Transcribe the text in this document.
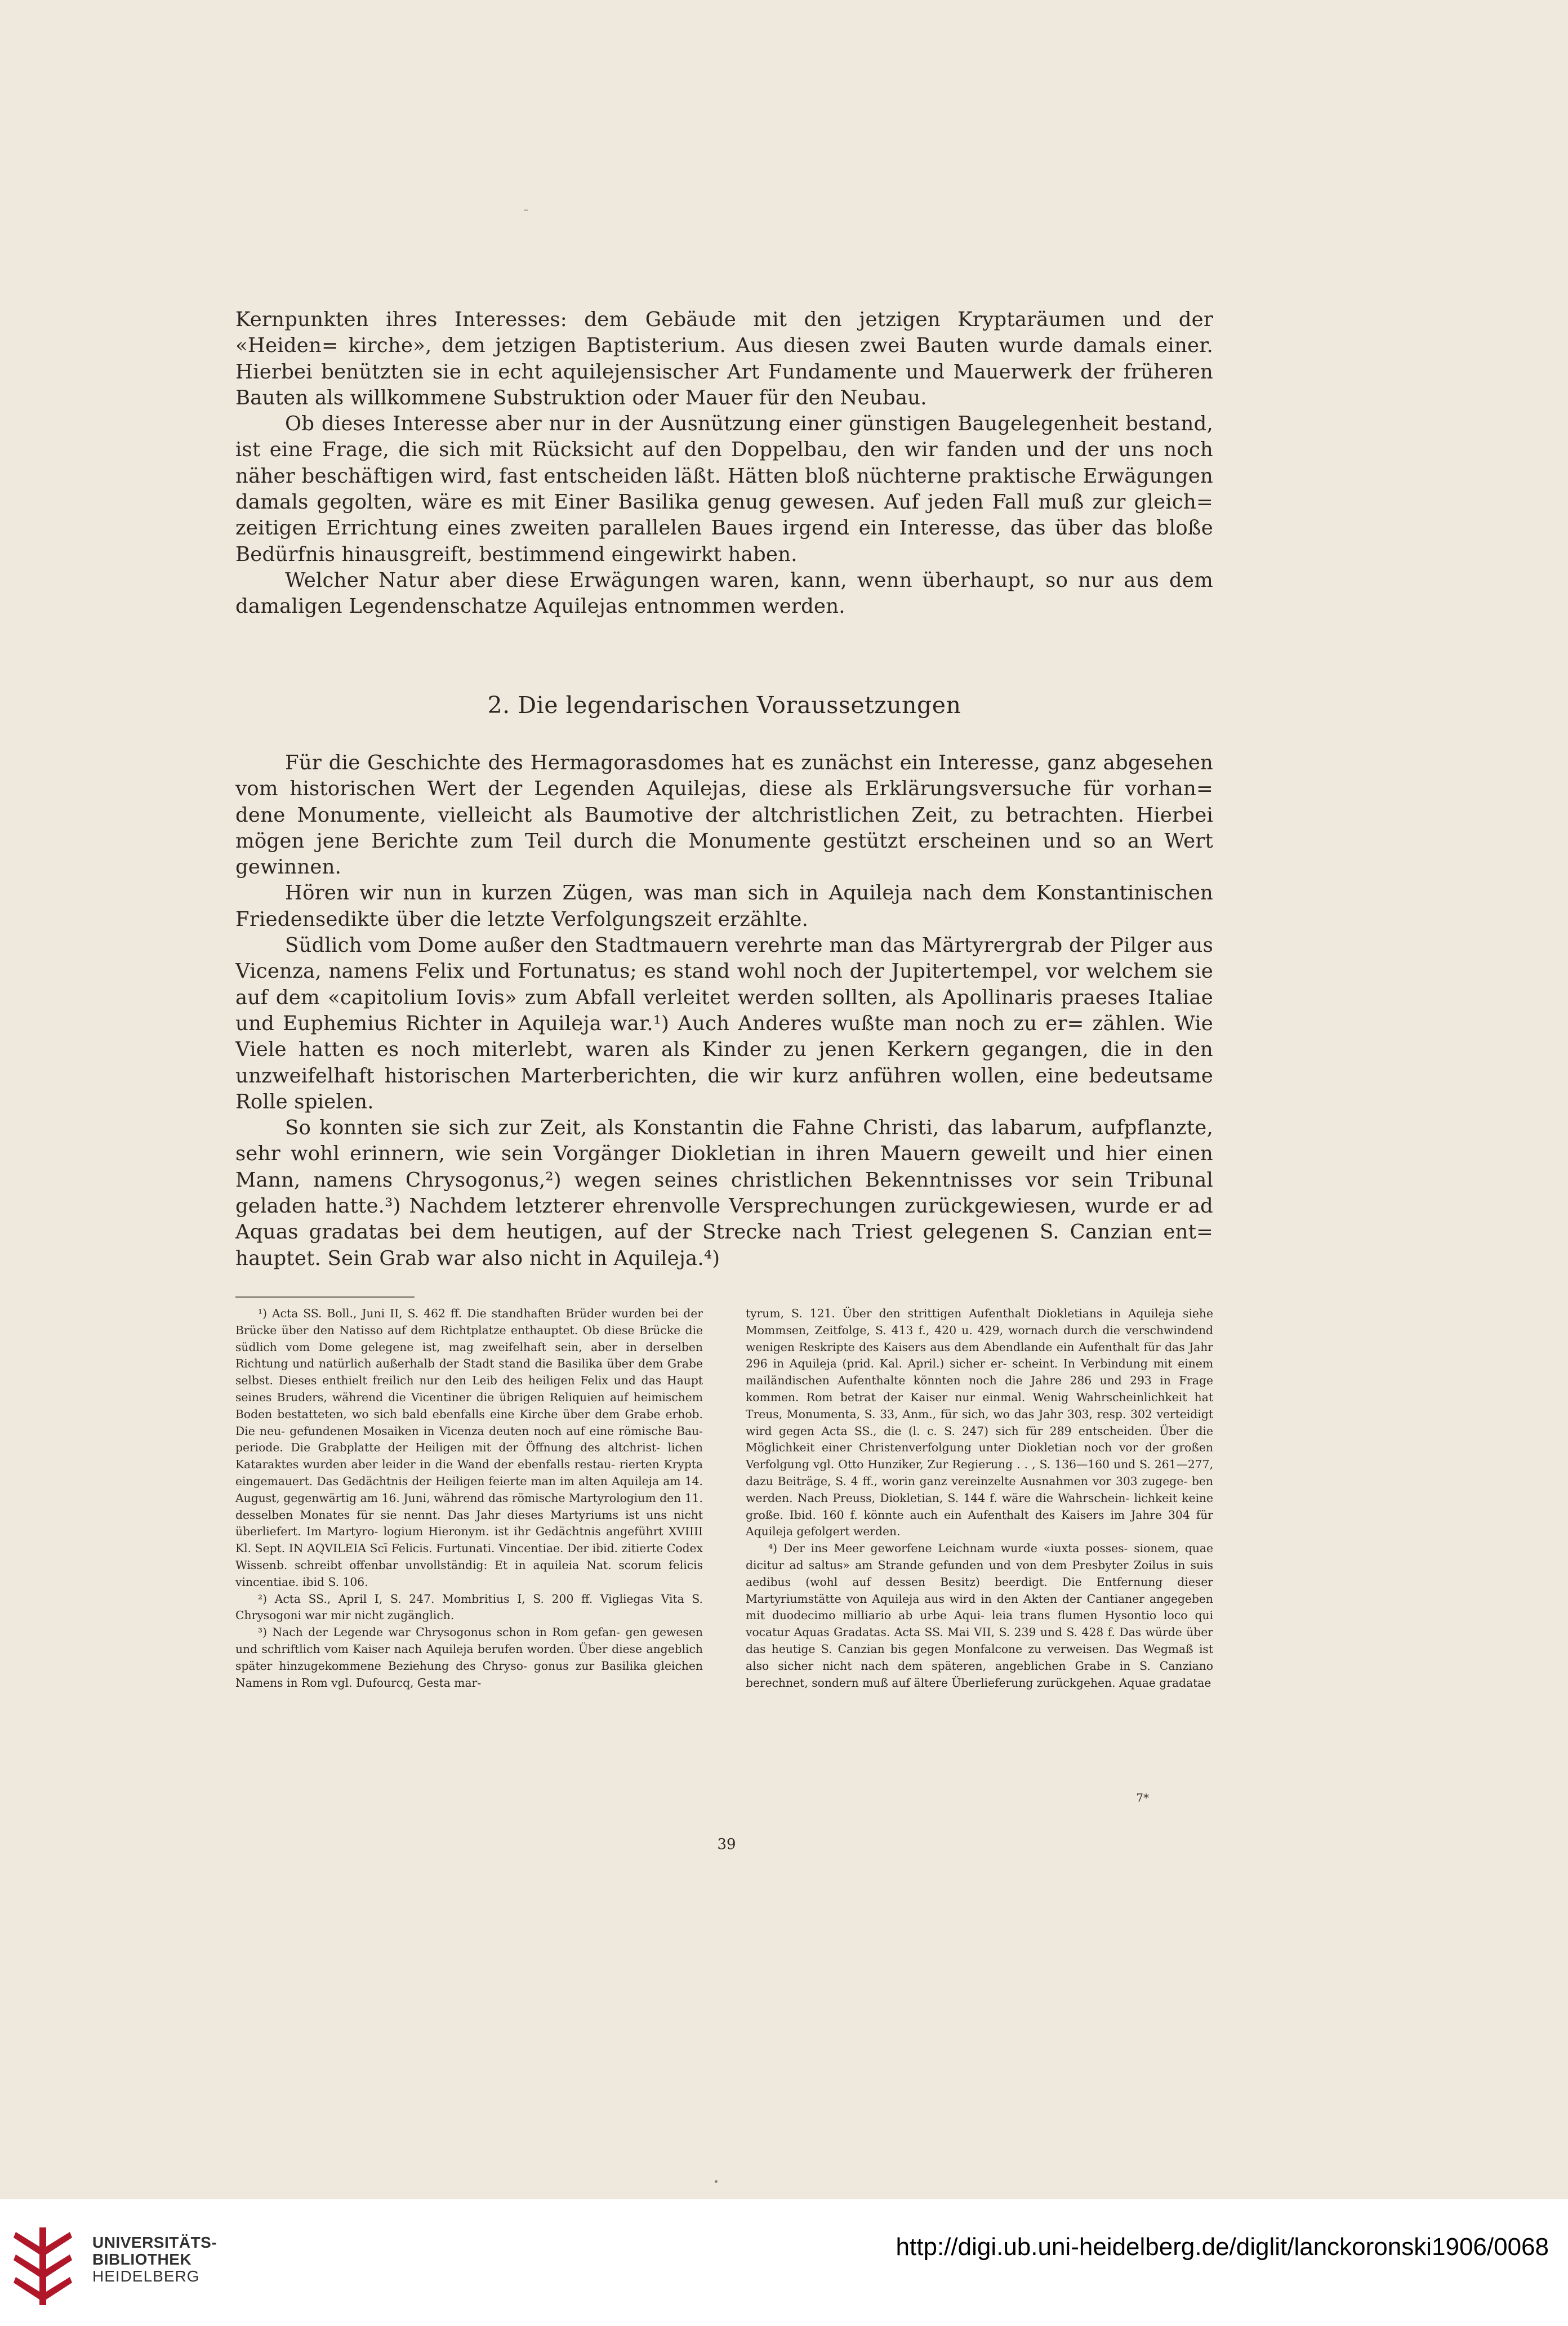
Kernpunkten ihres Interesses: dem Gebäude mit den jetzigen Kryptaräumen und der «Heiden= kirche», dem jetzigen Baptisterium. Aus diesen zwei Bauten wurde damals einer. Hierbei benützten sie in echt aquilejensischer Art Fundamente und Mauerwerk der früheren Bauten als willkommene Substruktion oder Mauer für den Neubau.

Ob dieses Interesse aber nur in der Ausnützung einer günstigen Baugelegenheit bestand, ist eine Frage, die sich mit Rücksicht auf den Doppelbau, den wir fanden und der uns noch näher beschäftigen wird, fast entscheiden läßt. Hätten bloß nüchterne praktische Erwägungen damals gegolten, wäre es mit Einer Basilika genug gewesen. Auf jeden Fall muß zur gleich= zeitigen Errichtung eines zweiten parallelen Baues irgend ein Interesse, das über das bloße Bedürfnis hinausgreift, bestimmend eingewirkt haben.

Welcher Natur aber diese Erwägungen waren, kann, wenn überhaupt, so nur aus dem damaligen Legendenschatze Aquilejas entnommen werden.

2. Die legendarischen Voraussetzungen

Für die Geschichte des Hermagorasdomes hat es zunächst ein Interesse, ganz abgesehen vom historischen Wert der Legenden Aquilejas, diese als Erklärungsversuche für vorhan= dene Monumente, vielleicht als Baumotive der altchristlichen Zeit, zu betrachten. Hierbei mögen jene Berichte zum Teil durch die Monumente gestützt erscheinen und so an Wert gewinnen.

Hören wir nun in kurzen Zügen, was man sich in Aquileja nach dem Konstantinischen Friedensedikte über die letzte Verfolgungszeit erzählte.

Südlich vom Dome außer den Stadtmauern verehrte man das Märtyrergrab der Pilger aus Vicenza, namens Felix und Fortunatus; es stand wohl noch der Jupitertempel, vor welchem sie auf dem «capitolium Iovis» zum Abfall verleitet werden sollten, als Apollinaris praeses Italiae und Euphemius Richter in Aquileja war.¹) Auch Anderes wußte man noch zu er= zählen. Wie Viele hatten es noch miterlebt, waren als Kinder zu jenen Kerkern gegangen, die in den unzweifelhaft historischen Marterberichten, die wir kurz anführen wollen, eine bedeutsame Rolle spielen.

So konnten sie sich zur Zeit, als Konstantin die Fahne Christi, das labarum, aufpflanzte, sehr wohl erinnern, wie sein Vorgänger Diokletian in ihren Mauern geweilt und hier einen Mann, namens Chrysogonus,²) wegen seines christlichen Bekenntnisses vor sein Tribunal geladen hatte.³) Nachdem letzterer ehrenvolle Versprechungen zurückgewiesen, wurde er ad Aquas gradatas bei dem heutigen, auf der Strecke nach Triest gelegenen S. Canzian ent= hauptet. Sein Grab war also nicht in Aquileja.⁴)

¹) Acta SS. Boll., Juni II, S. 462 ff. Die standhaften Brüder wurden bei der Brücke über den Natisso auf dem Richtplatze enthauptet. Ob diese Brücke die südlich vom Dome gelegene ist, mag zweifelhaft sein, aber in derselben Richtung und natürlich außerhalb der Stadt stand die Basilika über dem Grabe selbst. Dieses enthielt freilich nur den Leib des heiligen Felix und das Haupt seines Bruders, während die Vicentiner die übrigen Reliquien auf heimischem Boden bestatteten, wo sich bald ebenfalls eine Kirche über dem Grabe erhob. Die neu- gefundenen Mosaiken in Vicenza deuten noch auf eine römische Bau- periode. Die Grabplatte der Heiligen mit der Öffnung des altchrist- lichen Kataraktes wurden aber leider in die Wand der ebenfalls restau- rierten Krypta eingemauert. Das Gedächtnis der Heiligen feierte man im alten Aquileja am 14. August, gegenwärtig am 16. Juni, während das römische Martyrologium den 11. desselben Monates für sie nennt. Das Jahr dieses Martyriums ist uns nicht überliefert. Im Martyro- logium Hieronym. ist ihr Gedächtnis angeführt XVIIII Kl. Sept. IN AQVILEIA Scī Felicis. Furtunati. Vincentiae. Der ibid. zitierte Codex Wissenb. schreibt offenbar unvollständig: Et in aquileia Nat. scorum felicis vincentiae. ibid S. 106.

²) Acta SS., April I, S. 247. Mombritius I, S. 200 ff. Vigliegas Vita S. Chrysogoni war mir nicht zugänglich.

³) Nach der Legende war Chrysogonus schon in Rom gefan- gen gewesen und schriftlich vom Kaiser nach Aquileja berufen worden. Über diese angeblich später hinzugekommene Beziehung des Chryso- gonus zur Basilika gleichen Namens in Rom vgl. Dufourcq, Gesta mar-

tyrum, S. 121. Über den strittigen Aufenthalt Diokletians in Aquileja siehe Mommsen, Zeitfolge, S. 413 f., 420 u. 429, wornach durch die verschwindend wenigen Reskripte des Kaisers aus dem Abendlande ein Aufenthalt für das Jahr 296 in Aquileja (prid. Kal. April.) sicher er- scheint. In Verbindung mit einem mailändischen Aufenthalte könnten noch die Jahre 286 und 293 in Frage kommen. Rom betrat der Kaiser nur einmal. Wenig Wahrscheinlichkeit hat Treus, Monumenta, S. 33, Anm., für sich, wo das Jahr 303, resp. 302 verteidigt wird gegen Acta SS., die (l. c. S. 247) sich für 289 entscheiden. Über die Möglichkeit einer Christenverfolgung unter Diokletian noch vor der großen Verfolgung vgl. Otto Hunziker, Zur Regierung . . , S. 136—160 und S. 261—277, dazu Beiträge, S. 4 ff., worin ganz vereinzelte Ausnahmen vor 303 zugege- ben werden. Nach Preuss, Diokletian, S. 144 f. wäre die Wahrschein- lichkeit keine große. Ibid. 160 f. könnte auch ein Aufenthalt des Kaisers im Jahre 304 für Aquileja gefolgert werden.

⁴) Der ins Meer geworfene Leichnam wurde «iuxta posses- sionem, quae dicitur ad saltus» am Strande gefunden und von dem Presbyter Zoilus in suis aedibus (wohl auf dessen Besitz) beerdigt. Die Entfernung dieser Martyriumstätte von Aquileja aus wird in den Akten der Cantianer angegeben mit duodecimo milliario ab urbe Aqui- leia trans flumen Hysontio loco qui vocatur Aquas Gradatas. Acta SS. Mai VII, S. 239 und S. 428 f. Das würde über das heutige S. Canzian bis gegen Monfalcone zu verweisen. Das Wegmaß ist also sicher nicht nach dem späteren, angeblichen Grabe in S. Canziano berechnet, sondern muß auf ältere Überlieferung zurückgehen. Aquae gradatae

7*
39
UNIVERSITÄTS-
BIBLIOTHEK
HEIDELBERG
http://digi.ub.uni-heidelberg.de/diglit/lanckoronski1906/0068
